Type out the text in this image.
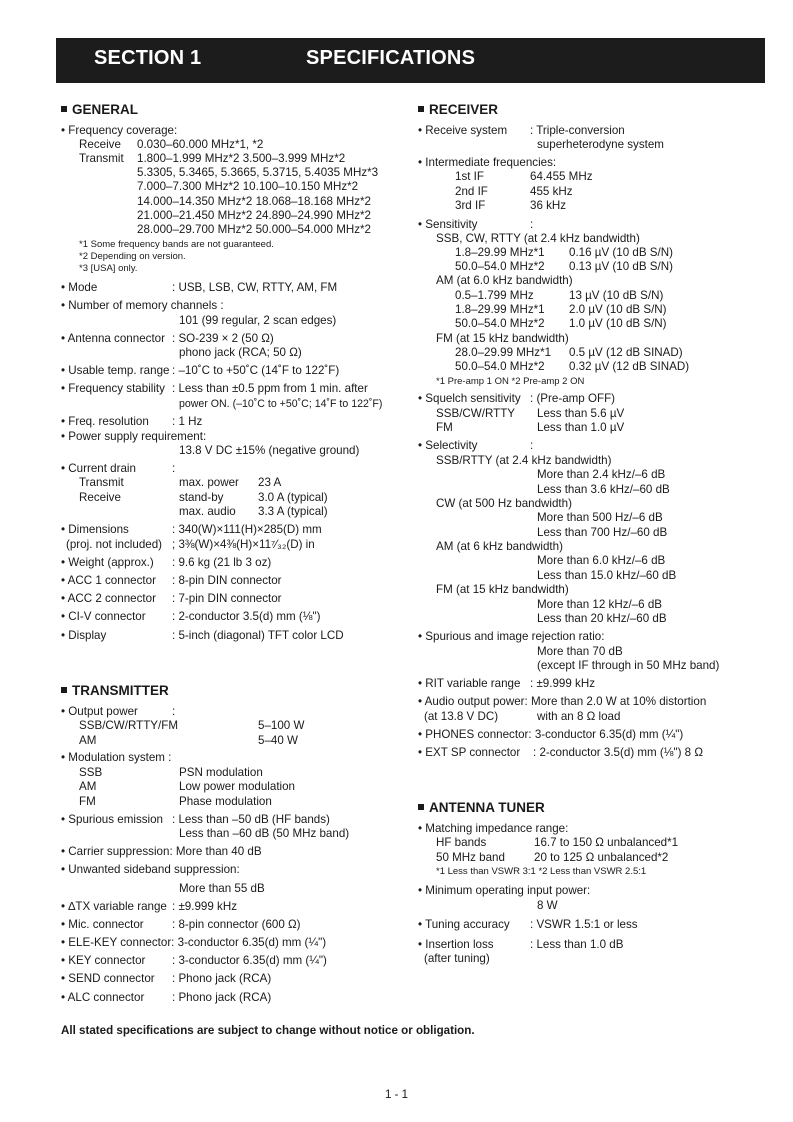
SECTION 1	SPECIFICATIONS
GENERAL
• Frequency coverage:
Receive 0.030–60.000 MHz*1, *2
Transmit 1.800–1.999 MHz*2 3.500–3.999 MHz*2
5.3305, 5.3465, 5.3665, 5.3715, 5.4035 MHz*3
7.000–7.300 MHz*2 10.100–10.150 MHz*2
14.000–14.350 MHz*2 18.068–18.168 MHz*2
21.000–21.450 MHz*2 24.890–24.990 MHz*2
28.000–29.700 MHz*2 50.000–54.000 MHz*2
*1 Some frequency bands are not guaranteed.
*2 Depending on version.
*3 [USA] only.
• Mode	: USB, LSB, CW, RTTY, AM, FM
• Number of memory channels :
101 (99 regular, 2 scan edges)
• Antenna connector : SO-239 × 2 (50 Ω)
phono jack (RCA; 50 Ω)
• Usable temp. range : –10˚C to +50˚C (14˚F to 122˚F)
• Frequency stability : Less than ±0.5 ppm from 1 min. after
power ON. (–10˚C to +50˚C; 14˚F to 122˚F)
• Freq. resolution : 1 Hz
• Power supply requirement:
13.8 V DC ±15% (negative ground)
• Current drain	:
Transmit	max. power 23 A
Receive	stand-by	3.0 A (typical)
max. audio 3.3 A (typical)
• Dimensions	: 340(W)×111(H)×285(D) mm
(proj. not included) ; 3⅜(W)×4⅜(H)×11⁷⁄₃₂(D) in
• Weight (approx.) : 9.6 kg (21 lb 3 oz)
• ACC 1 connector : 8-pin DIN connector
• ACC 2 connector : 7-pin DIN connector
• CI-V connector : 2-conductor 3.5(d) mm (⅛")
• Display	: 5-inch (diagonal) TFT color LCD
TRANSMITTER
• Output power	:
SSB/CW/RTTY/FM	5–100 W
AM	5–40 W
• Modulation system :
SSB	PSN modulation
AM	Low power modulation
FM	Phase modulation
• Spurious emission : Less than –50 dB (HF bands)
Less than –60 dB (50 MHz band)
• Carrier suppression: More than 40 dB
• Unwanted sideband suppression:
More than 55 dB
• ∆TX variable range : ±9.999 kHz
• Mic. connector : 8-pin connector (600 Ω)
• ELE-KEY connector: 3-conductor 6.35(d) mm (¼")
• KEY connector : 3-conductor 6.35(d) mm (¼")
• SEND connector : Phono jack (RCA)
• ALC connector : Phono jack (RCA)
RECEIVER
• Receive system : Triple-conversion
superheterodyne system
• Intermediate frequencies:
1st IF	64.455 MHz
2nd IF	455 kHz
3rd IF	36 kHz
• Sensitivity	:
SSB, CW, RTTY (at 2.4 kHz bandwidth)
1.8–29.99 MHz*1 0.16 µV (10 dB S/N)
50.0–54.0 MHz*2 0.13 µV (10 dB S/N)
AM (at 6.0 kHz bandwidth)
0.5–1.799 MHz	13 µV (10 dB S/N)
1.8–29.99 MHz*1 2.0 µV (10 dB S/N)
50.0–54.0 MHz*2 1.0 µV (10 dB S/N)
FM (at 15 kHz bandwidth)
28.0–29.99 MHz*1 0.5 µV (12 dB SINAD)
50.0–54.0 MHz*2 0.32 µV (12 dB SINAD)
*1 Pre-amp 1 ON *2 Pre-amp 2 ON
• Squelch sensitivity : (Pre-amp OFF)
SSB/CW/RTTY Less than 5.6 µV
FM	Less than 1.0 µV
• Selectivity	:
SSB/RTTY (at 2.4 kHz bandwidth)
More than 2.4 kHz/–6 dB
Less than 3.6 kHz/–60 dB
CW (at 500 Hz bandwidth)
More than 500 Hz/–6 dB
Less than 700 Hz/–60 dB
AM (at 6 kHz bandwidth)
More than 6.0 kHz/–6 dB
Less than 15.0 kHz/–60 dB
FM (at 15 kHz bandwidth)
More than 12 kHz/–6 dB
Less than 20 kHz/–60 dB
• Spurious and image rejection ratio:
More than 70 dB
(except IF through in 50 MHz band)
• RIT variable range : ±9.999 kHz
• Audio output power: More than 2.0 W at 10% distortion
(at 13.8 V DC)	with an 8 Ω load
• PHONES connector: 3-conductor 6.35(d) mm (¼")
• EXT SP connector : 2-conductor 3.5(d) mm (⅛") 8 Ω
ANTENNA TUNER
• Matching impedance range:
HF bands	16.7 to 150 Ω unbalanced*1
50 MHz band	20 to 125 Ω unbalanced*2
*1 Less than VSWR 3:1 *2 Less than VSWR 2.5:1
• Minimum operating input power:
8 W
• Tuning accuracy : VSWR 1.5:1 or less
• Insertion loss	: Less than 1.0 dB
(after tuning)
All stated specifications are subject to change without notice or obligation.
1 - 1
